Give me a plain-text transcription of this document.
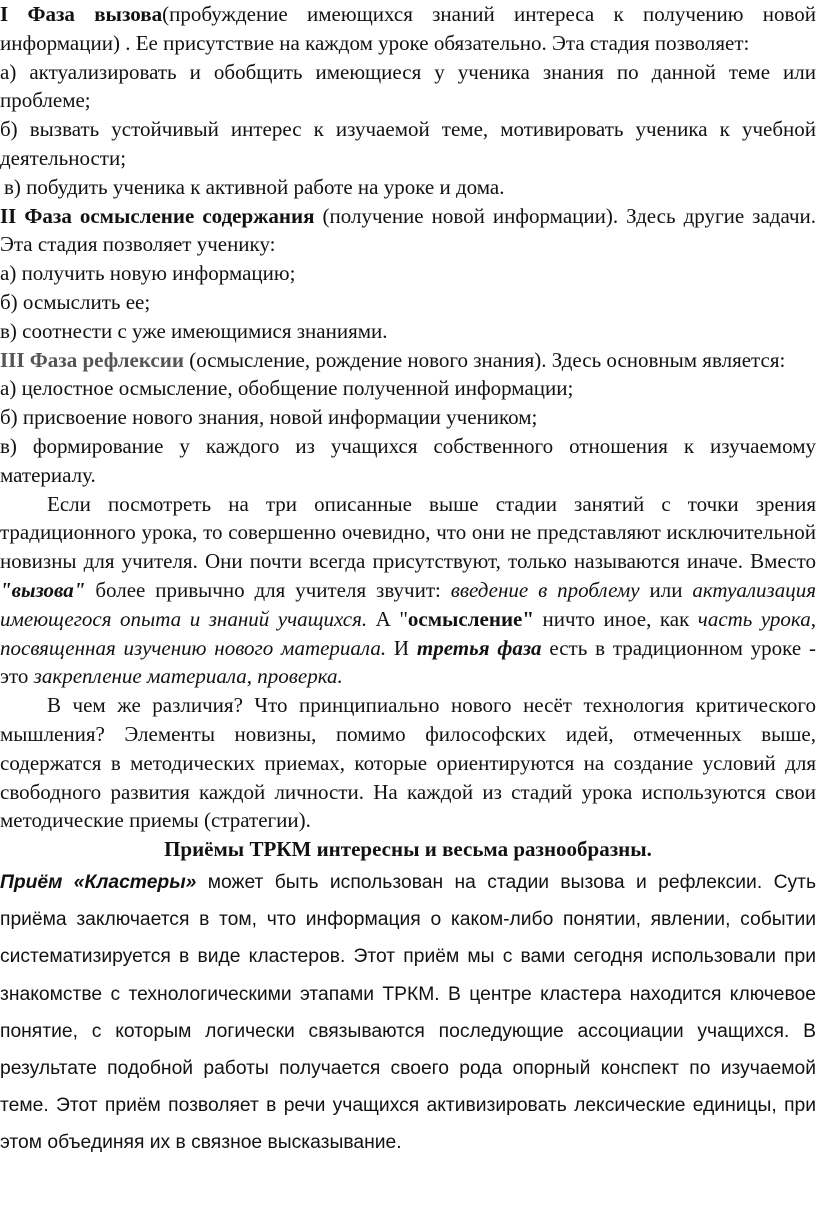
I Фаза вызова(пробуждение имеющихся знаний интереса к получению новой информации) . Ее присутствие на каждом уроке обязательно. Эта стадия позволяет:

а) актуализировать и обобщить имеющиеся у ученика знания по данной теме или проблеме;

б) вызвать устойчивый интерес к изучаемой теме, мотивировать ученика к учебной деятельности;

в) побудить ученика к активной работе на уроке и дома.

II Фаза осмысление содержания (получение новой информации). Здесь другие задачи. Эта стадия позволяет ученику:

а) получить новую информацию;

б) осмыслить ее;

в) соотнести с уже имеющимися знаниями.

III Фаза рефлексии (осмысление, рождение нового знания). Здесь основным является:

а) целостное осмысление, обобщение полученной информации;

б) присвоение нового знания, новой информации учеником;

в) формирование у каждого из учащихся собственного отношения к изучаемому материалу.

Если посмотреть на три описанные выше стадии занятий с точки зрения традиционного урока, то совершенно очевидно, что они не представляют исключительной новизны для учителя. Они почти всегда присутствуют, только называются иначе. Вместо "вызова" более привычно для учителя звучит: введение в проблему или актуализация имеющегося опыта и знаний учащихся. А "осмысление" ничто иное, как часть урока, посвященная изучению нового материала. И третья фаза есть в традиционном уроке - это закрепление материала, проверка.

В чем же различия? Что принципиально нового несёт технология критического мышления? Элементы новизны, помимо философских идей, отмеченных выше, содержатся в методических приемах, которые ориентируются на создание условий для свободного развития каждой личности. На каждой из стадий урока используются свои методические приемы (стратегии).

Приёмы ТРКМ интересны и весьма разнообразны.

Приём «Кластеры» может быть использован на стадии вызова и рефлексии. Суть приёма заключается в том, что информация о каком-либо понятии, явлении, событии систематизируется в виде кластеров. Этот приём мы с вами сегодня использовали при знакомстве с технологическими этапами ТРКМ. В центре кластера находится ключевое понятие, с которым логически связываются последующие ассоциации учащихся. В результате подобной работы получается своего рода опорный конспект по изучаемой теме. Этот приём позволяет в речи учащихся активизировать лексические единицы, при этом объединяя их в связное высказывание.
